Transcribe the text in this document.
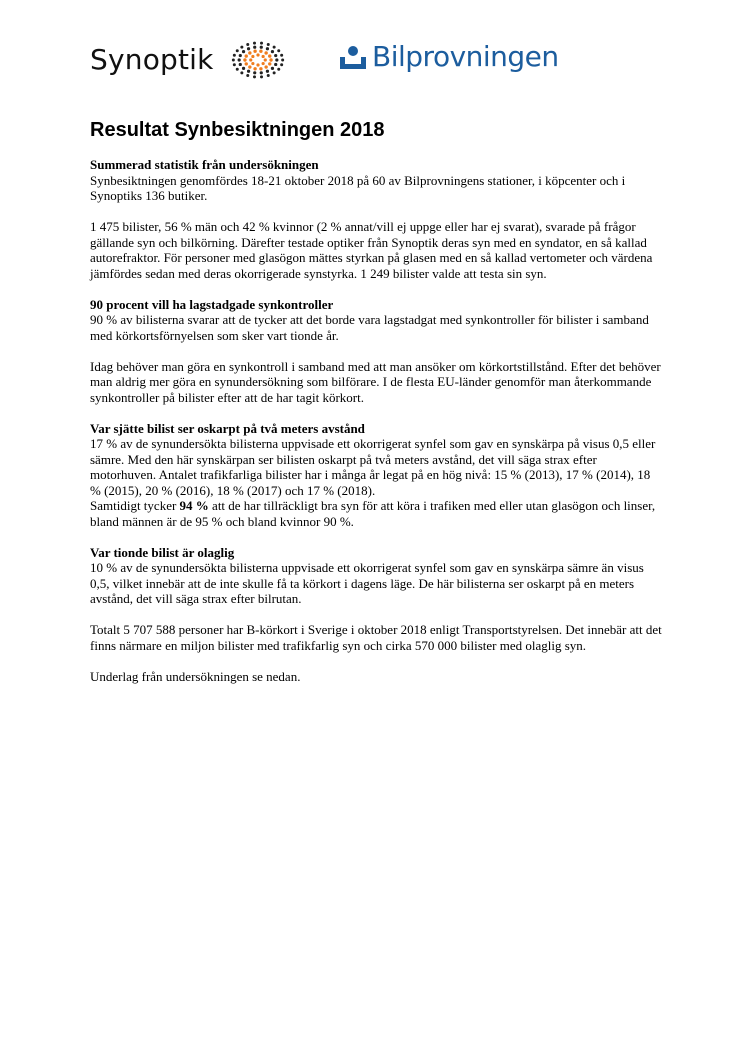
Synoptik	Bilprovningen
Resultat Synbesiktningen 2018

Summerad statistik från undersökningen
Synbesiktningen genomfördes 18-21 oktober 2018 på 60 av Bilprovningens stationer, i köpcenter och i Synoptiks 136 butiker.

1 475 bilister, 56 % män och 42 % kvinnor (2 % annat/vill ej uppge eller har ej svarat), svarade på frågor gällande syn och bilkörning. Därefter testade optiker från Synoptik deras syn med en syndator, en så kallad autorefraktor. För personer med glasögon mättes styrkan på glasen med en så kallad vertometer och värdena jämfördes sedan med deras okorrigerade synstyrka. 1 249 bilister valde att testa sin syn.

90 procent vill ha lagstadgade synkontroller
90 % av bilisterna svarar att de tycker att det borde vara lagstadgat med synkontroller för bilister i samband med körkortsförnyelsen som sker vart tionde år.

Idag behöver man göra en synkontroll i samband med att man ansöker om körkortstillstånd. Efter det behöver man aldrig mer göra en synundersökning som bilförare. I de flesta EU-länder genomför man återkommande synkontroller på bilister efter att de har tagit körkort.

Var sjätte bilist ser oskarpt på två meters avstånd
17 % av de synundersökta bilisterna uppvisade ett okorrigerat synfel som gav en synskärpa på visus 0,5 eller sämre. Med den här synskärpan ser bilisten oskarpt på två meters avstånd, det vill säga strax efter motorhuven. Antalet trafikfarliga bilister har i många år legat på en hög nivå: 15 % (2013), 17 % (2014), 18 % (2015), 20 % (2016), 18 % (2017) och 17 % (2018).
Samtidigt tycker 94 % att de har tillräckligt bra syn för att köra i trafiken med eller utan glasögon och linser, bland männen är de 95 % och bland kvinnor 90 %.

Var tionde bilist är olaglig
10 % av de synundersökta bilisterna uppvisade ett okorrigerat synfel som gav en synskärpa sämre än visus 0,5, vilket innebär att de inte skulle få ta körkort i dagens läge. De här bilisterna ser oskarpt på en meters avstånd, det vill säga strax efter bilrutan.

Totalt 5 707 588 personer har B-körkort i Sverige i oktober 2018 enligt Transportstyrelsen. Det innebär att det finns närmare en miljon bilister med trafikfarlig syn och cirka 570 000 bilister med olaglig syn.

Underlag från undersökningen se nedan.
